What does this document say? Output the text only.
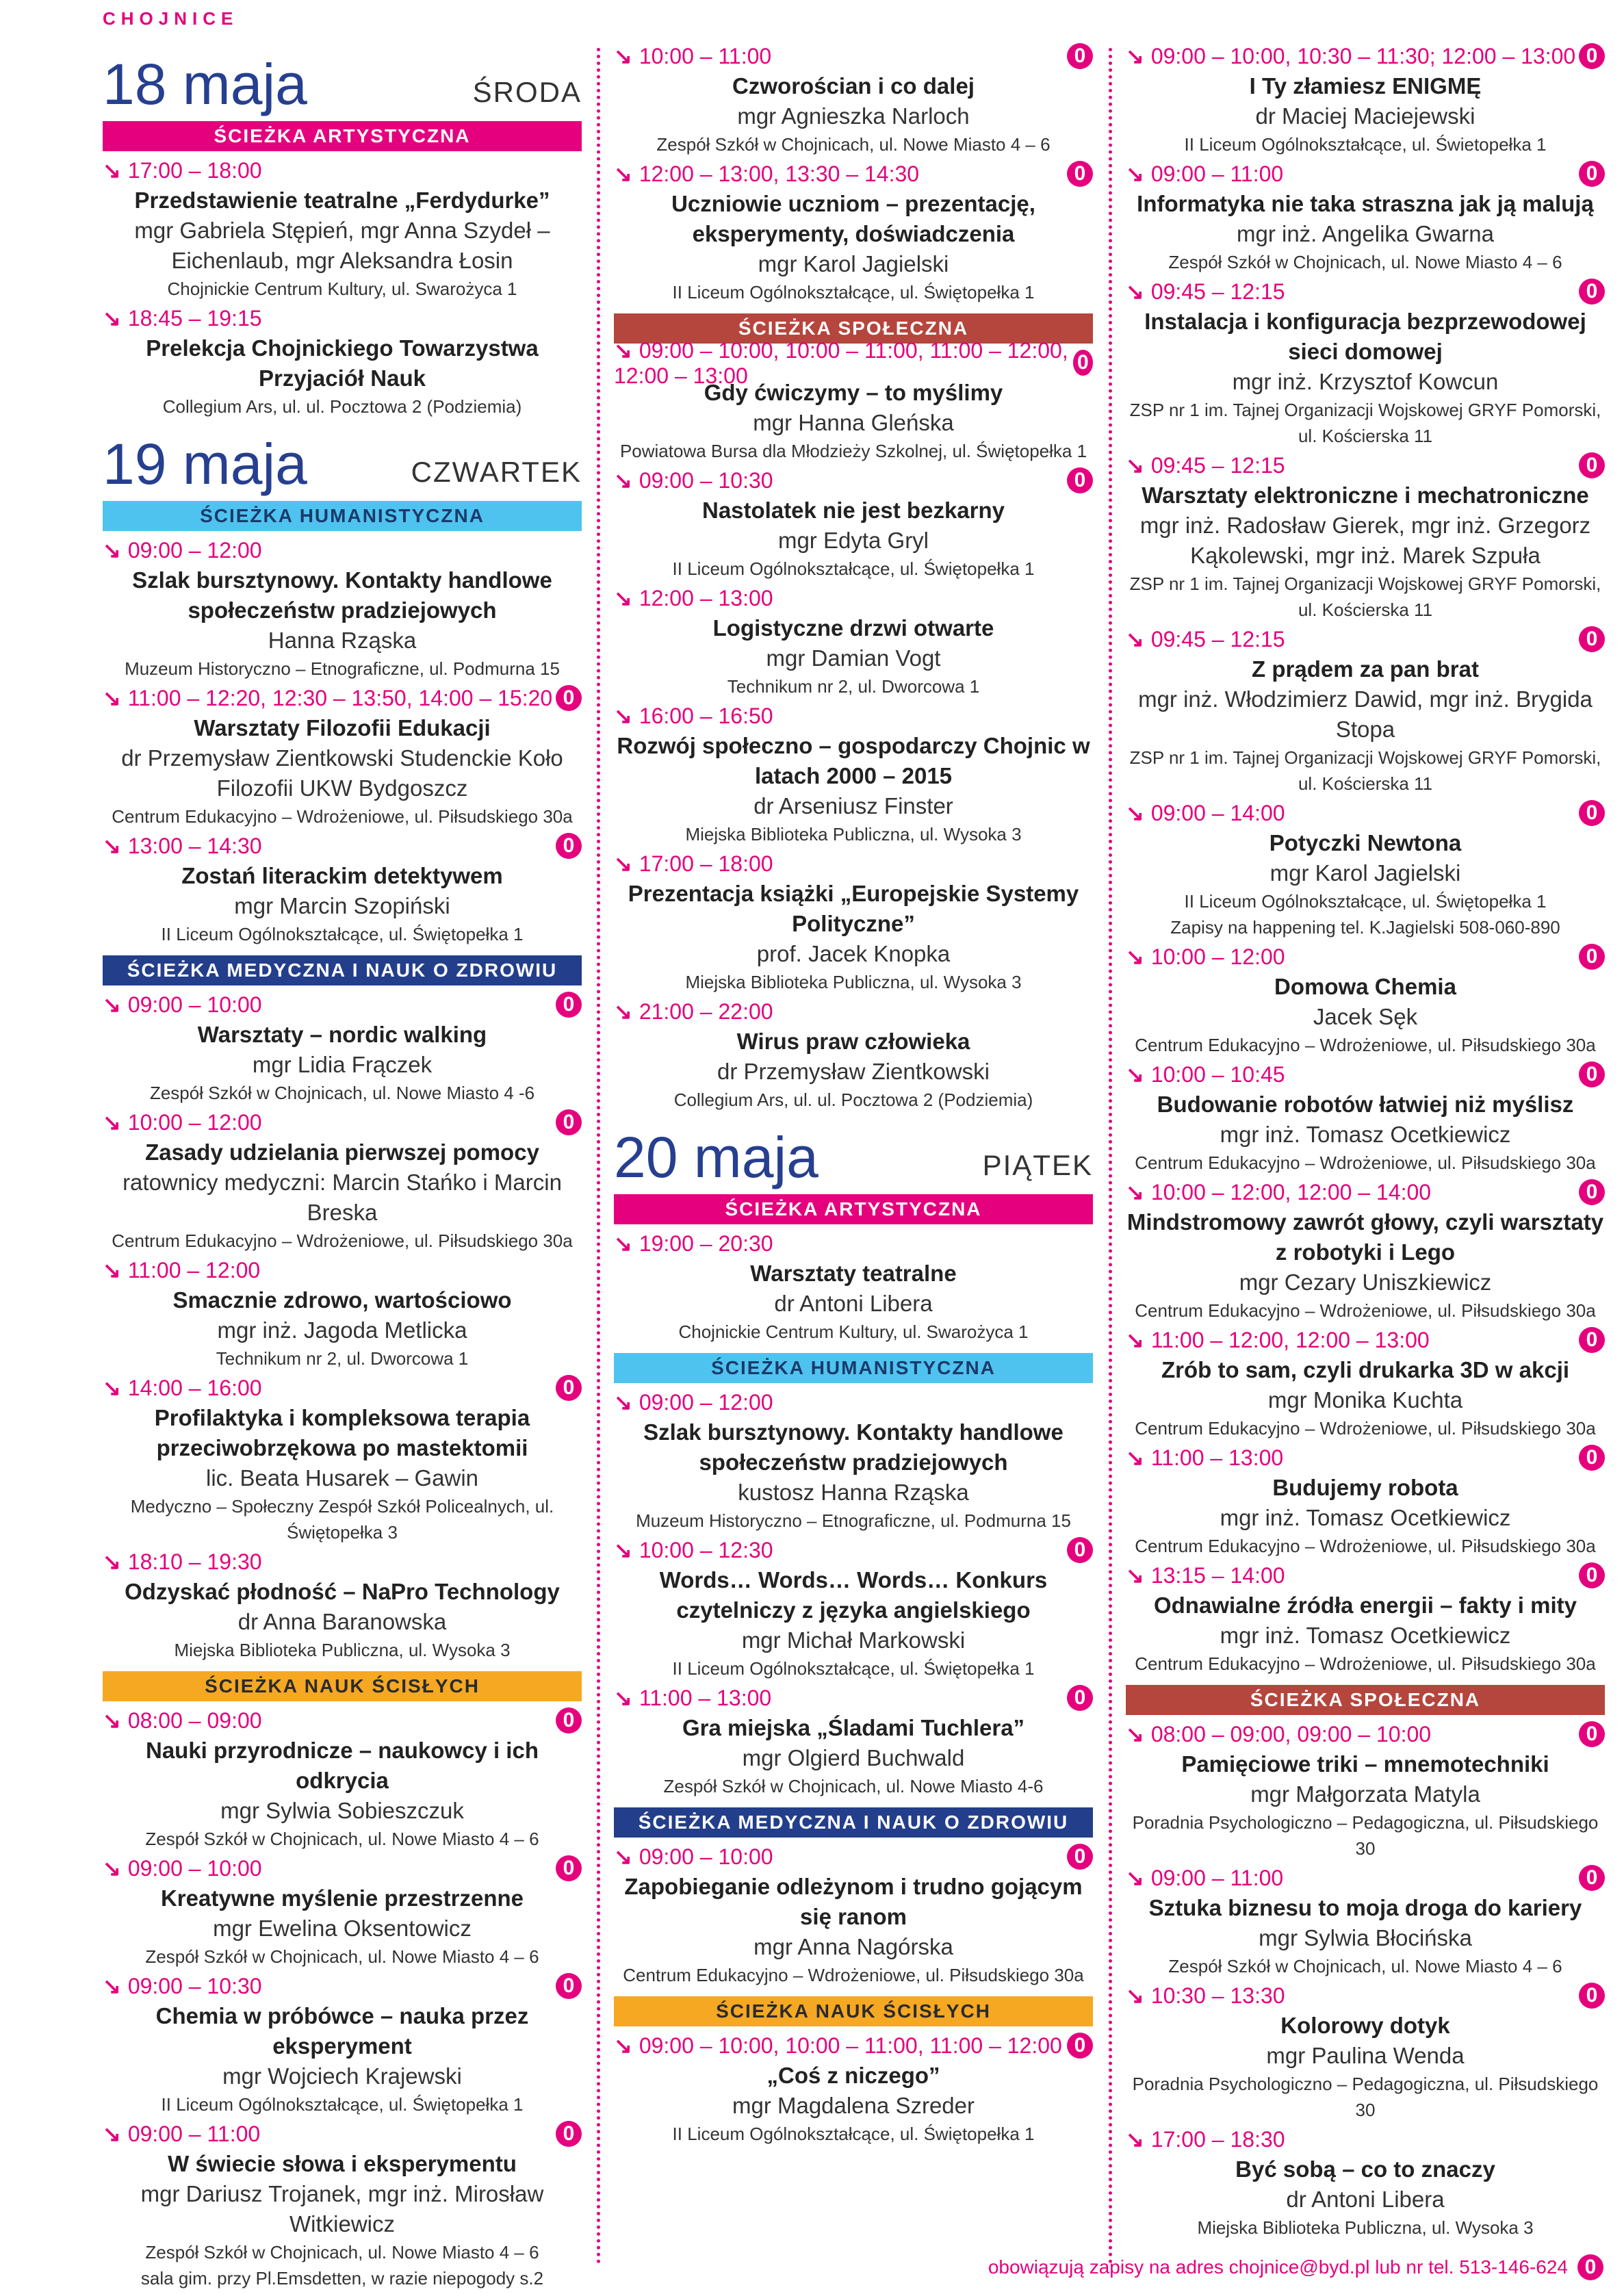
CHOJNICE
18 maja	ŚRODA
ŚCIEŻKA ARTYSTYCZNA
↘ 17:00 – 18:00
Przedstawienie teatralne „Ferdydurke”
mgr Gabriela Stępień, mgr Anna Szydeł – Eichenlaub, mgr Aleksandra Łosin
Chojnickie Centrum Kultury, ul. Swarożyca 1
↘ 18:45 – 19:15
Prelekcja Chojnickiego Towarzystwa Przyjaciół Nauk
Collegium Ars, ul. ul. Pocztowa 2 (Podziemia)
19 maja	CZWARTEK
ŚCIEŻKA HUMANISTYCZNA
↘ 09:00 – 12:00
Szlak bursztynowy. Kontakty handlowe społeczeństw pradziejowych
Hanna Rząska
Muzeum Historyczno – Etnograficzne, ul. Podmurna 15
↘ 11:00 – 12:20, 12:30 – 13:50, 14:00 – 15:20 0
Warsztaty Filozofii Edukacji
dr Przemysław Zientkowski Studenckie Koło Filozofii UKW Bydgoszcz
Centrum Edukacyjno – Wdrożeniowe, ul. Piłsudskiego 30a
↘ 13:00 – 14:30	0
Zostań literackim detektywem
mgr Marcin Szopiński
II Liceum Ogólnokształcące, ul. Świętopełka 1
ŚCIEŻKA MEDYCZNA I NAUK O ZDROWIU
↘ 09:00 – 10:00	0
Warsztaty – nordic walking
mgr Lidia Frączek
Zespół Szkół w Chojnicach, ul. Nowe Miasto 4 -6
↘ 10:00 – 12:00	0
Zasady udzielania pierwszej pomocy
ratownicy medyczni: Marcin Stańko i Marcin Breska
Centrum Edukacyjno – Wdrożeniowe, ul. Piłsudskiego 30a
↘ 11:00 – 12:00
Smacznie zdrowo, wartościowo
mgr inż. Jagoda Metlicka
Technikum nr 2, ul. Dworcowa 1
↘ 14:00 – 16:00	0
Profilaktyka i kompleksowa terapia przeciwobrzękowa po mastektomii
lic. Beata Husarek – Gawin
Medyczno – Społeczny Zespół Szkół Policealnych, ul. Świętopełka 3
↘ 18:10 – 19:30
Odzyskać płodność – NaPro Technology
dr Anna Baranowska
Miejska Biblioteka Publiczna, ul. Wysoka 3
ŚCIEŻKA NAUK ŚCISŁYCH
↘ 08:00 – 09:00	0
Nauki przyrodnicze – naukowcy i ich odkrycia
mgr Sylwia Sobieszczuk
Zespół Szkół w Chojnicach, ul. Nowe Miasto 4 – 6
↘ 09:00 – 10:00	0
Kreatywne myślenie przestrzenne
mgr Ewelina Oksentowicz
Zespół Szkół w Chojnicach, ul. Nowe Miasto 4 – 6
↘ 09:00 – 10:30	0
Chemia w próbówce – nauka przez eksperyment
mgr Wojciech Krajewski
II Liceum Ogólnokształcące, ul. Świętopełka 1
↘ 09:00 – 11:00	0
W świecie słowa i eksperymentu
mgr Dariusz Trojanek, mgr inż. Mirosław Witkiewicz
Zespół Szkół w Chojnicach, ul. Nowe Miasto 4 – 6
sala gim. przy Pl.Emsdetten, w razie niepogody s.2
↘ 10:00 – 11:00	0
Czworościan i co dalej
mgr Agnieszka Narloch
Zespół Szkół w Chojnicach, ul. Nowe Miasto 4 – 6
↘ 12:00 – 13:00, 13:30 – 14:30	0
Uczniowie uczniom – prezentację, eksperymenty, doświadczenia
mgr Karol Jagielski
II Liceum Ogólnokształcące, ul. Świętopełka 1
ŚCIEŻKA SPOŁECZNA
↘ 09:00 – 10:00, 10:00 – 11:00, 11:00 – 12:00, 12:00 – 13:00
0
Gdy ćwiczymy – to myślimy
mgr Hanna Gleńska
Powiatowa Bursa dla Młodzieży Szkolnej, ul. Świętopełka 1
↘ 09:00 – 10:30	0
Nastolatek nie jest bezkarny
mgr Edyta Gryl
II Liceum Ogólnokształcące, ul. Świętopełka 1
↘ 12:00 – 13:00
Logistyczne drzwi otwarte
mgr Damian Vogt
Technikum nr 2, ul. Dworcowa 1
↘ 16:00 – 16:50
Rozwój społeczno – gospodarczy Chojnic w latach 2000 – 2015
dr Arseniusz Finster
Miejska Biblioteka Publiczna, ul. Wysoka 3
↘ 17:00 – 18:00
Prezentacja książki „Europejskie Systemy Polityczne”
prof. Jacek Knopka
Miejska Biblioteka Publiczna, ul. Wysoka 3
↘ 21:00 – 22:00
Wirus praw człowieka
dr Przemysław Zientkowski
Collegium Ars, ul. ul. Pocztowa 2 (Podziemia)
20 maja	PIĄTEK
ŚCIEŻKA ARTYSTYCZNA
↘ 19:00 – 20:30
Warsztaty teatralne
dr Antoni Libera
Chojnickie Centrum Kultury, ul. Swarożyca 1
ŚCIEŻKA HUMANISTYCZNA
↘ 09:00 – 12:00
Szlak bursztynowy. Kontakty handlowe społeczeństw pradziejowych
kustosz Hanna Rząska
Muzeum Historyczno – Etnograficzne, ul. Podmurna 15
↘ 10:00 – 12:30	0
Words… Words… Words… Konkurs czytelniczy z języka angielskiego
mgr Michał Markowski
II Liceum Ogólnokształcące, ul. Świętopełka 1
↘ 11:00 – 13:00	0
Gra miejska „Śladami Tuchlera”
mgr Olgierd Buchwald
Zespół Szkół w Chojnicach, ul. Nowe Miasto 4-6
ŚCIEŻKA MEDYCZNA I NAUK O ZDROWIU
↘ 09:00 – 10:00	0
Zapobieganie odleżynom i trudno gojącym się ranom
mgr Anna Nagórska
Centrum Edukacyjno – Wdrożeniowe, ul. Piłsudskiego 30a
ŚCIEŻKA NAUK ŚCISŁYCH
↘ 09:00 – 10:00, 10:00 – 11:00, 11:00 – 12:00 0
„Coś z niczego”
mgr Magdalena Szreder
II Liceum Ogólnokształcące, ul. Świętopełka 1
↘ 09:00 – 10:00, 10:30 – 11:30; 12:00 – 13:00 0
I Ty złamiesz ENIGMĘ
dr Maciej Maciejewski
II Liceum Ogólnokształcące, ul. Świetopełka 1
↘ 09:00 – 11:00	0
Informatyka nie taka straszna jak ją malują
mgr inż. Angelika Gwarna
Zespół Szkół w Chojnicach, ul. Nowe Miasto 4 – 6
↘ 09:45 – 12:15	0
Instalacja i konfiguracja bezprzewodowej sieci domowej
mgr inż. Krzysztof Kowcun
ZSP nr 1 im. Tajnej Organizacji Wojskowej GRYF Pomorski, ul. Kościerska 11
↘ 09:45 – 12:15	0
Warsztaty elektroniczne i mechatroniczne
mgr inż. Radosław Gierek, mgr inż. Grzegorz Kąkolewski, mgr inż. Marek Szpuła
ZSP nr 1 im. Tajnej Organizacji Wojskowej GRYF Pomorski, ul. Kościerska 11
↘ 09:45 – 12:15	0
Z prądem za pan brat
mgr inż. Włodzimierz Dawid, mgr inż. Brygida Stopa
ZSP nr 1 im. Tajnej Organizacji Wojskowej GRYF Pomorski, ul. Kościerska 11
↘ 09:00 – 14:00	0
Potyczki Newtona
mgr Karol Jagielski
II Liceum Ogólnokształcące, ul. Świętopełka 1
Zapisy na happening tel. K.Jagielski 508-060-890
↘ 10:00 – 12:00	0
Domowa Chemia
Jacek Sęk
Centrum Edukacyjno – Wdrożeniowe, ul. Piłsudskiego 30a
↘ 10:00 – 10:45	0
Budowanie robotów łatwiej niż myślisz
mgr inż. Tomasz Ocetkiewicz
Centrum Edukacyjno – Wdrożeniowe, ul. Piłsudskiego 30a
↘ 10:00 – 12:00, 12:00 – 14:00	0
Mindstromowy zawrót głowy, czyli warsztaty z robotyki i Lego
mgr Cezary Uniszkiewicz
Centrum Edukacyjno – Wdrożeniowe, ul. Piłsudskiego 30a
↘ 11:00 – 12:00, 12:00 – 13:00	0
Zrób to sam, czyli drukarka 3D w akcji
mgr Monika Kuchta
Centrum Edukacyjno – Wdrożeniowe, ul. Piłsudskiego 30a
↘ 11:00 – 13:00	0
Budujemy robota
mgr inż. Tomasz Ocetkiewicz
Centrum Edukacyjno – Wdrożeniowe, ul. Piłsudskiego 30a
↘ 13:15 – 14:00	0
Odnawialne źródła energii – fakty i mity
mgr inż. Tomasz Ocetkiewicz
Centrum Edukacyjno – Wdrożeniowe, ul. Piłsudskiego 30a
ŚCIEŻKA SPOŁECZNA
↘ 08:00 – 09:00, 09:00 – 10:00	0
Pamięciowe triki – mnemotechniki
mgr Małgorzata Matyla
Poradnia Psychologiczno – Pedagogiczna, ul. Piłsudskiego 30
↘ 09:00 – 11:00	0
Sztuka biznesu to moja droga do kariery
mgr Sylwia Błocińska
Zespół Szkół w Chojnicach, ul. Nowe Miasto 4 – 6
↘ 10:30 – 13:30	0
Kolorowy dotyk
mgr Paulina Wenda
Poradnia Psychologiczno – Pedagogiczna, ul. Piłsudskiego 30
↘ 17:00 – 18:30
Być sobą – co to znaczy
dr Antoni Libera
Miejska Biblioteka Publiczna, ul. Wysoka 3
obowiązują zapisy na adres chojnice@byd.pl lub nr tel. 513-146-624 0
